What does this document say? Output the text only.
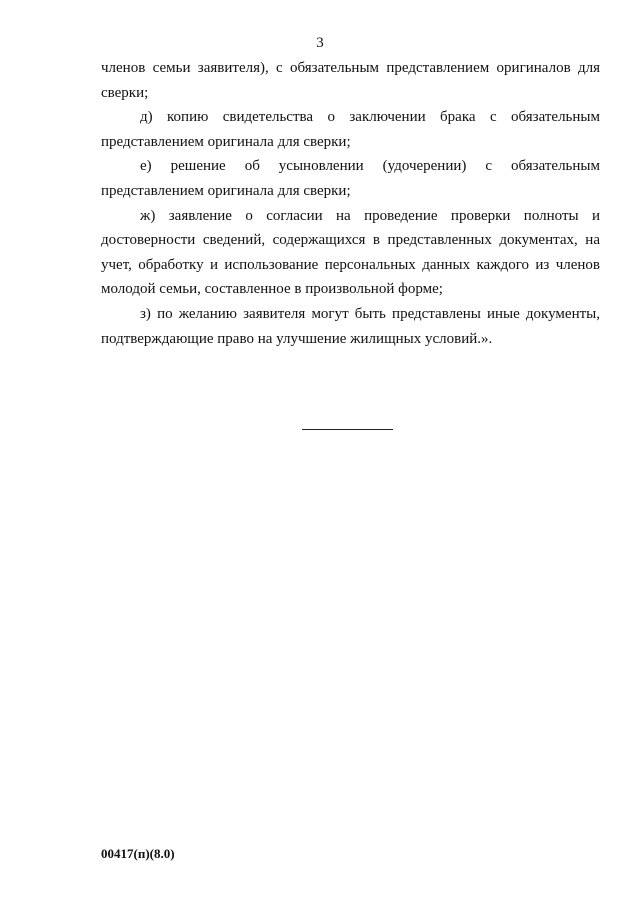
3

членов семьи заявителя), с обязательным представлением оригиналов для сверки;

д) копию свидетельства о заключении брака с обязательным представлением оригинала для сверки;

е) решение об усыновлении (удочерении) с обязательным представлением оригинала для сверки;

ж) заявление о согласии на проведение проверки полноты и достоверности сведений, содержащихся в представленных документах, на учет, обработку и использование персональных данных каждого из членов молодой семьи, составленное в произвольной форме;

з) по желанию заявителя могут быть представлены иные документы, подтверждающие право на улучшение жилищных условий.».

00417(п)(8.0)
